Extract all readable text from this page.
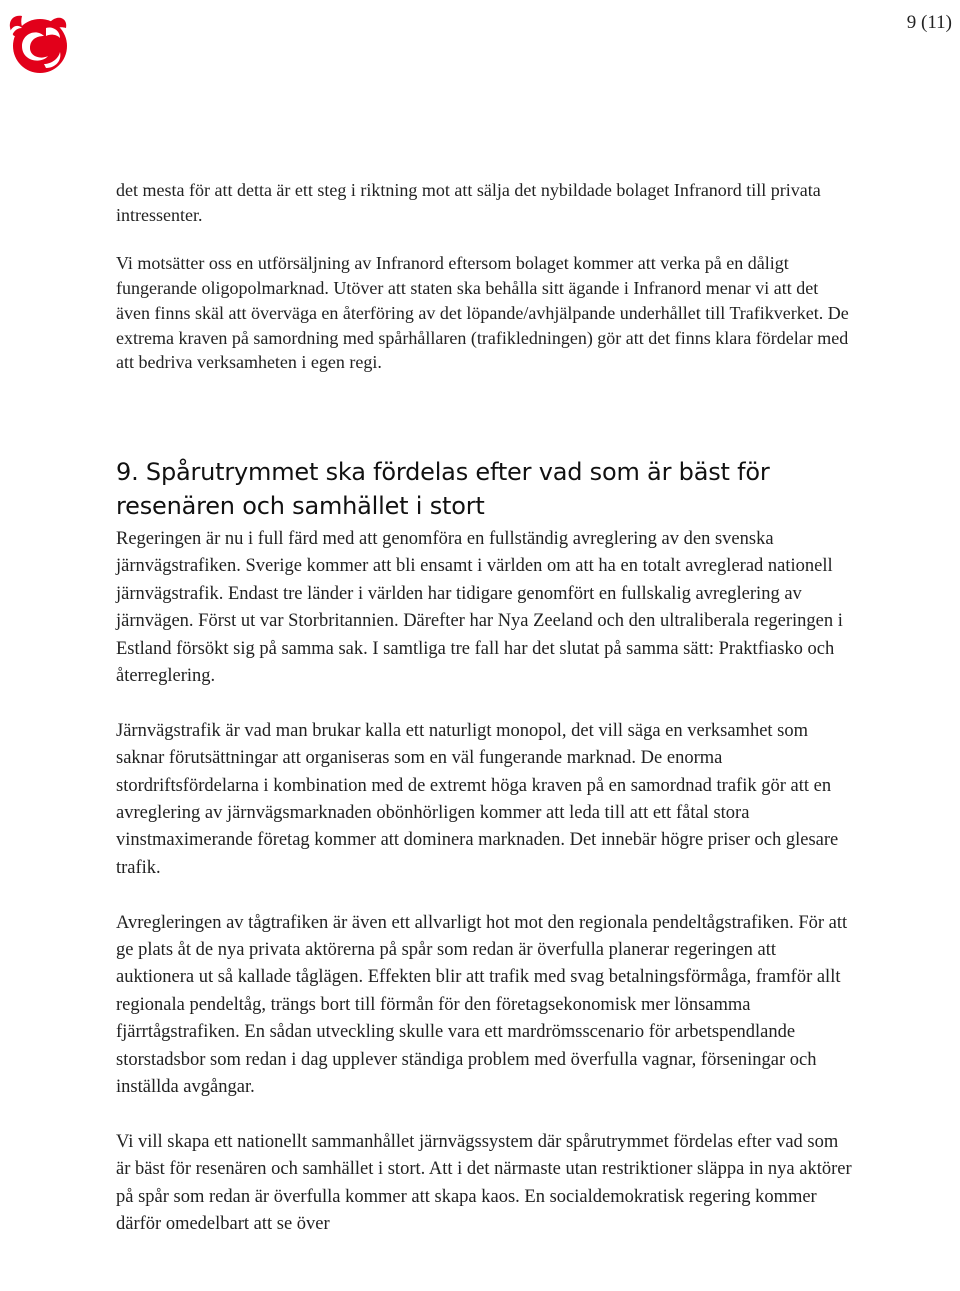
9 (11)

det mesta för att detta är ett steg i riktning mot att sälja det nybildade bolaget Infranord till privata intressenter.

Vi motsätter oss en utförsäljning av Infranord eftersom bolaget kommer att verka på en dåligt fungerande oligopolmarknad. Utöver att staten ska behålla sitt ägande i Infranord menar vi att det även finns skäl att överväga en återföring av det löpande/avhjälpande underhållet till Trafikverket. De extrema kraven på samordning med spårhållaren (trafikledningen) gör att det finns klara fördelar med att bedriva verksamheten i egen regi.

9. Spårutrymmet ska fördelas efter vad som är bäst för resenären och samhället i stort

Regeringen är nu i full färd med att genomföra en fullständig avreglering av den svenska järnvägstrafiken. Sverige kommer att bli ensamt i världen om att ha en totalt avreglerad nationell järnvägstrafik. Endast tre länder i världen har tidigare genomfört en fullskalig avreglering av järnvägen. Först ut var Storbritannien. Därefter har Nya Zeeland och den ultraliberala regeringen i Estland försökt sig på samma sak. I samtliga tre fall har det slutat på samma sätt: Praktfiasko och återreglering.

Järnvägstrafik är vad man brukar kalla ett naturligt monopol, det vill säga en verksamhet som saknar förutsättningar att organiseras som en väl fungerande marknad. De enorma stordriftsfördelarna i kombination med de extremt höga kraven på en samordnad trafik gör att en avreglering av järnvägsmarknaden obönhörligen kommer att leda till att ett fåtal stora vinstmaximerande företag kommer att dominera marknaden. Det innebär högre priser och glesare trafik.

Avregleringen av tågtrafiken är även ett allvarligt hot mot den regionala pendeltågstrafiken. För att ge plats åt de nya privata aktörerna på spår som redan är överfulla planerar regeringen att auktionera ut så kallade tåglägen. Effekten blir att trafik med svag betalningsförmåga, framför allt regionala pendeltåg, trängs bort till förmån för den företagsekonomisk mer lönsamma fjärrtågstrafiken. En sådan utveckling skulle vara ett mardrömsscenario för arbetspendlande storstadsbor som redan i dag upplever ständiga problem med överfulla vagnar, förseningar och inställda avgångar.

Vi vill skapa ett nationellt sammanhållet järnvägssystem där spårutrymmet fördelas efter vad som är bäst för resenären och samhället i stort. Att i det närmaste utan restriktioner släppa in nya aktörer på spår som redan är överfulla kommer att skapa kaos. En socialdemokratisk regering kommer därför omedelbart att se över
